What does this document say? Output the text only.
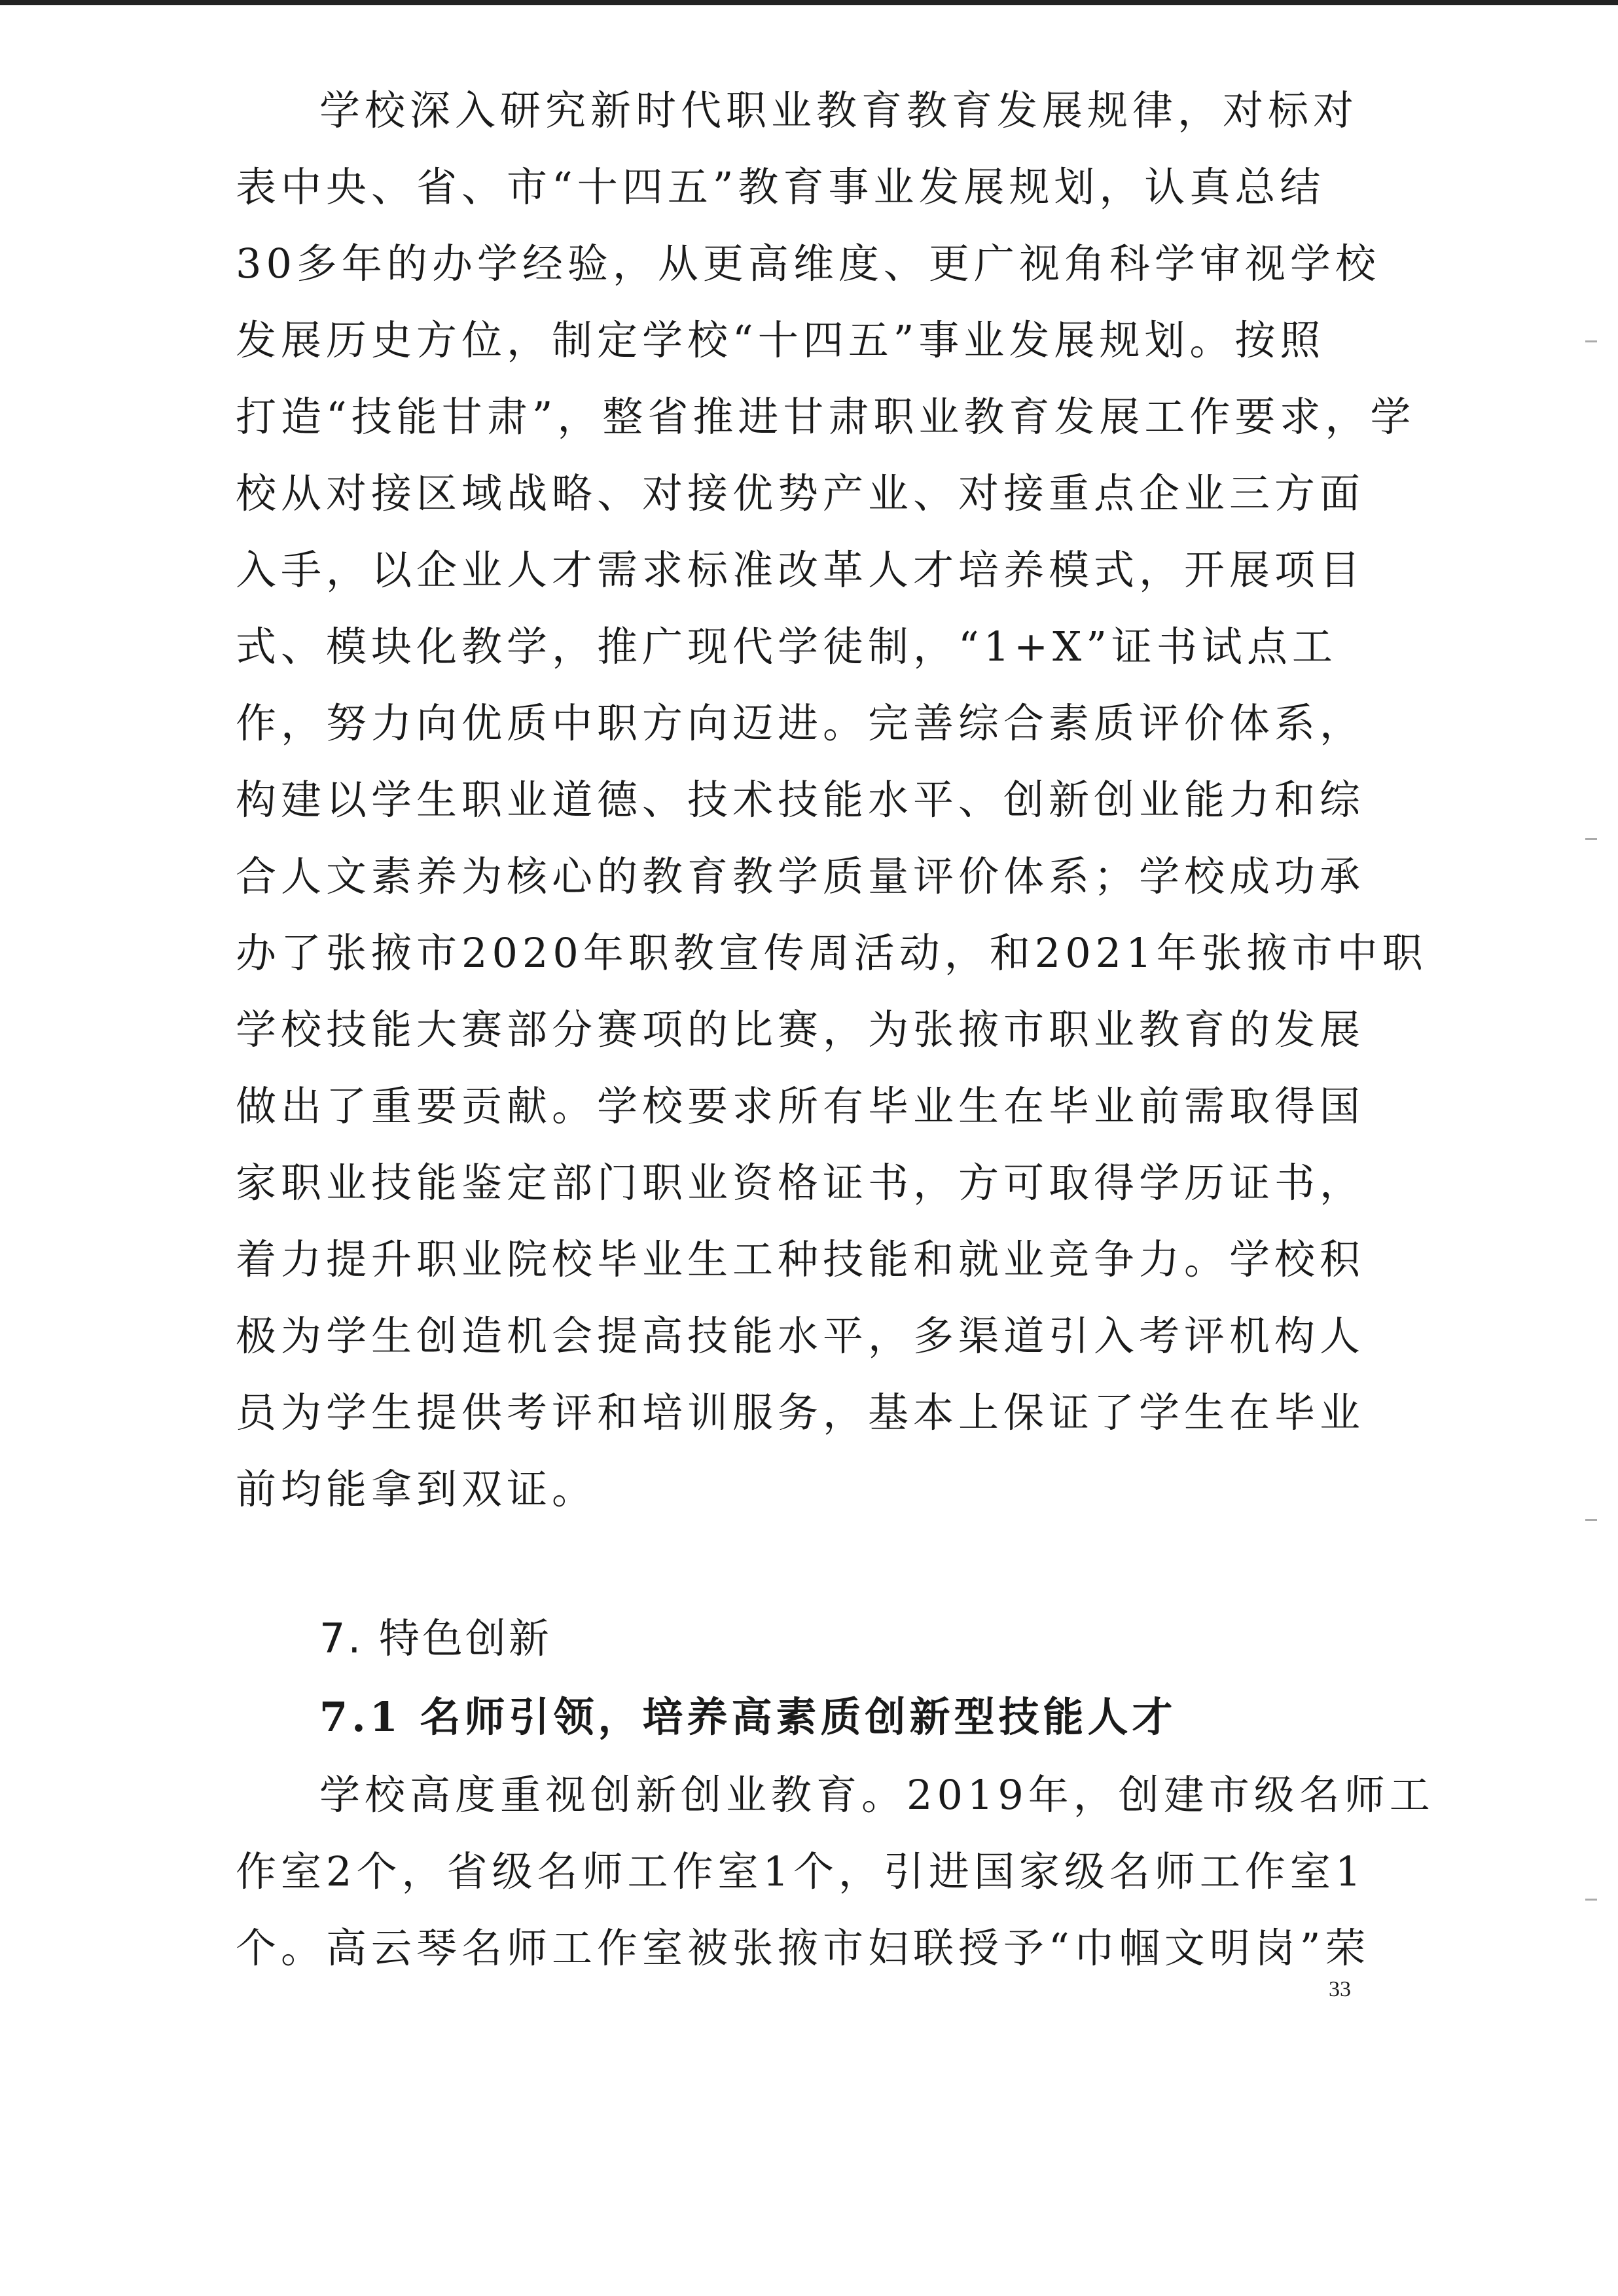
学校深入研究新时代职业教育教育发展规律，对标对
表中央、省、市“十四五”教育事业发展规划，认真总结
30多年的办学经验，从更高维度、更广视角科学审视学校
发展历史方位，制定学校“十四五”事业发展规划。按照
打造“技能甘肃”，整省推进甘肃职业教育发展工作要求，学
校从对接区域战略、对接优势产业、对接重点企业三方面
入手，以企业人才需求标准改革人才培养模式，开展项目
式、模块化教学，推广现代学徒制，“1+X”证书试点工
作，努力向优质中职方向迈进。完善综合素质评价体系，
构建以学生职业道德、技术技能水平、创新创业能力和综
合人文素养为核心的教育教学质量评价体系；学校成功承
办了张掖市2020年职教宣传周活动，和2021年张掖市中职
学校技能大赛部分赛项的比赛，为张掖市职业教育的发展
做出了重要贡献。学校要求所有毕业生在毕业前需取得国
家职业技能鉴定部门职业资格证书，方可取得学历证书，
着力提升职业院校毕业生工种技能和就业竞争力。学校积
极为学生创造机会提高技能水平，多渠道引入考评机构人
员为学生提供考评和培训服务，基本上保证了学生在毕业
前均能拿到双证。
7. 特色创新
7.1 名师引领，培养高素质创新型技能人才
学校高度重视创新创业教育。2019年，创建市级名师工
作室2个，省级名师工作室1个，引进国家级名师工作室1
个。高云琴名师工作室被张掖市妇联授予“巾帼文明岗”荣
33
